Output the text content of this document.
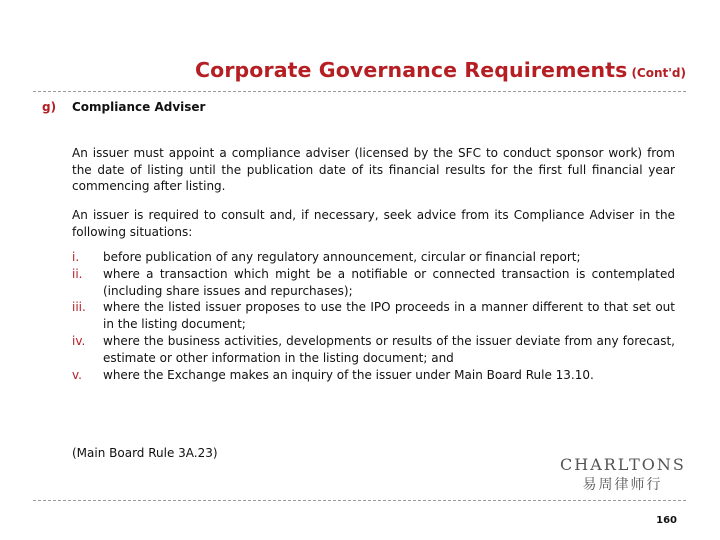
Corporate Governance Requirements (Cont'd)
g) Compliance Adviser
An issuer must appoint a compliance adviser (licensed by the SFC to conduct sponsor work) from the date of listing until the publication date of its financial results for the first full financial year commencing after listing.
An issuer is required to consult and, if necessary, seek advice from its Compliance Adviser in the following situations:
i. before publication of any regulatory announcement, circular or financial report;
ii. where a transaction which might be a notifiable or connected transaction is contemplated (including share issues and repurchases);
iii. where the listed issuer proposes to use the IPO proceeds in a manner different to that set out in the listing document;
iv. where the business activities, developments or results of the issuer deviate from any forecast, estimate or other information in the listing document; and
v. where the Exchange makes an inquiry of the issuer under Main Board Rule 13.10.
(Main Board Rule 3A.23)
CHARLTONS
易周律师行
160
